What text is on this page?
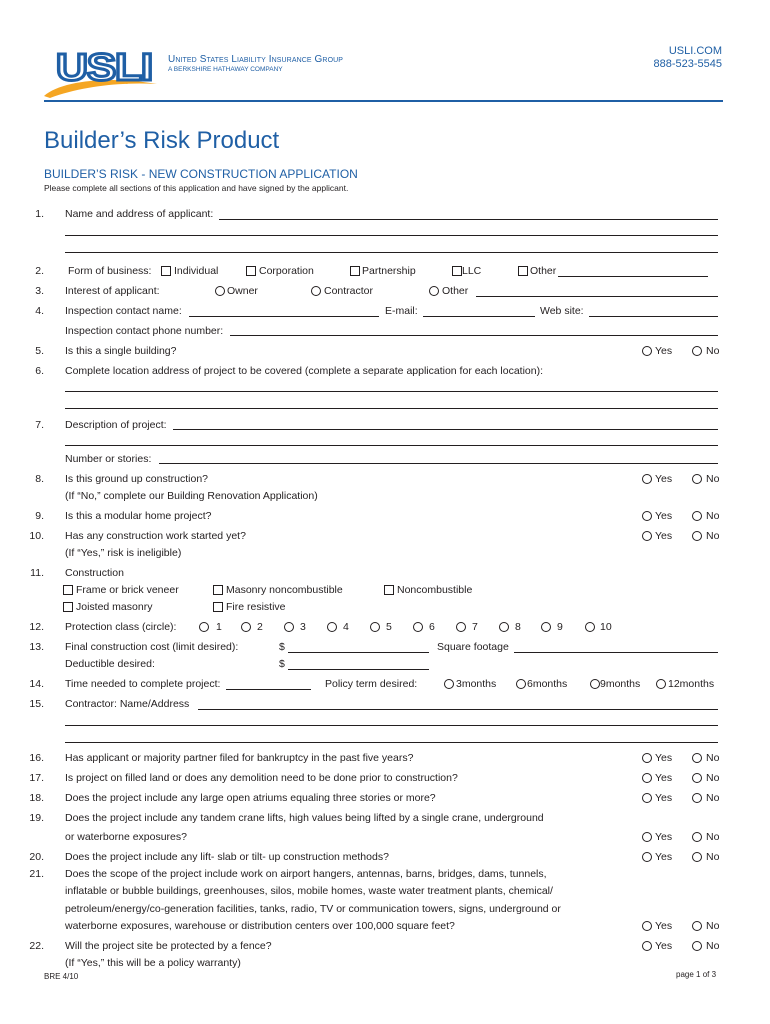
USLI United States Liability Insurance Group
A BERKSHIRE HATHAWAY COMPANY
USLI.COM
888-523-5545
Builder’s Risk Product
BUILDER’S RISK - NEW CONSTRUCTION APPLICATION
Please complete all sections of this application and have signed by the applicant.
1. Name and address of applicant:
2. Form of business: Individual	Corporation	Partnership	LLC	Other
3. Interest of applicant:	Owner	Contractor	Other
4. Inspection contact name:	E-mail:	Web site:
Inspection contact phone number:
5. Is this a single building?	Yes	No
6. Complete location address of project to be covered (complete a separate application for each location):
7. Description of project:
Number or stories:
8. Is this ground up construction?
(If “No,” complete our Building Renovation Application)
Yes	No
9. Is this a modular home project?	Yes	No
10. Has any construction work started yet?
(If “Yes,” risk is ineligible)
Yes	No
11. Construction
Frame or brick veneer	Masonry noncombustible	Noncombustible
Joisted masonry	Fire resistive
12. Protection class (circle):	1	2	3	4	5	6	7	8	9	10
13. Final construction cost (limit desired):	$	Square footage
Deductible desired:	$
14. Time needed to complete project:	Policy term desired:	3months	6months	9months	12months
15. Contractor: Name/Address
16. Has applicant or majority partner filed for bankruptcy in the past five years?	Yes	No
17. Is project on filled land or does any demolition need to be done prior to construction?	Yes	No
18. Does the project include any large open atriums equaling three stories or more?	Yes	No
19. Does the project include any tandem crane lifts, high values being lifted by a single crane, underground
or waterborne exposures?	Yes	No
20. Does the project include any lift- slab or tilt- up construction methods?	Yes	No
21. Does the scope of the project include work on airport hangers, antennas, barns, bridges, dams, tunnels,
inflatable or bubble buildings, greenhouses, silos, mobile homes, waste water treatment plants, chemical/
petroleum/energy/co-generation facilities, tanks, radio, TV or communication towers, signs, underground or
waterborne exposures, warehouse or distribution centers over 100,000 square feet?	Yes	No
22. Will the project site be protected by a fence?
(If “Yes,” this will be a policy warranty)
Yes	No
BRE 4/10	page 1 of 3
